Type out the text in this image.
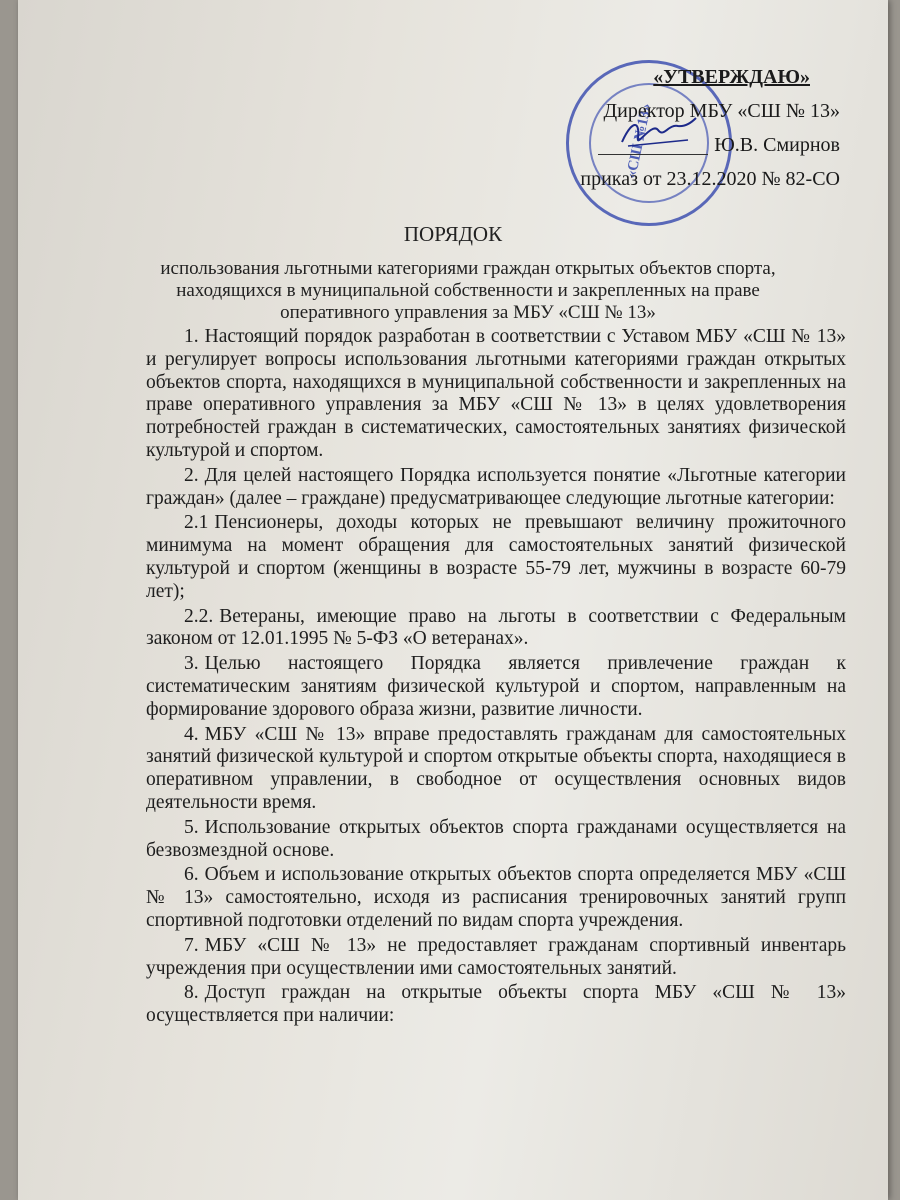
«СШ №13»
«УТВЕРЖДАЮ»
Директор МБУ «СШ № 13»
Ю.В. Смирнов
приказ от 23.12.2020 № 82-СО
ПОРЯДОК
использования льготными категориями граждан открытых объектов спорта, находящихся в муниципальной собственности и закрепленных на праве оперативного управления за МБУ «СШ № 13»

1. Настоящий порядок разработан в соответствии с Уставом МБУ «СШ № 13» и регулирует вопросы использования льготными категориями граждан открытых объектов спорта, находящихся в муниципальной собственности и закрепленных на праве оперативного управления за МБУ «СШ № 13» в целях удовлетворения потребностей граждан в систематических, самостоятельных занятиях физической культурой и спортом.

2. Для целей настоящего Порядка используется понятие «Льготные категории граждан» (далее – граждане) предусматривающее следующие льготные категории:

2.1 Пенсионеры, доходы которых не превышают величину прожиточного минимума на момент обращения для самостоятельных занятий физической культурой и спортом (женщины в возрасте 55-79 лет, мужчины в возрасте 60-79 лет);

2.2. Ветераны, имеющие право на льготы в соответствии с Федеральным законом от 12.01.1995 № 5-ФЗ «О ветеранах».

3. Целью настоящего Порядка является привлечение граждан к систематическим занятиям физической культурой и спортом, направленным на формирование здорового образа жизни, развитие личности.

4. МБУ «СШ № 13» вправе предоставлять гражданам для самостоятельных занятий физической культурой и спортом открытые объекты спорта, находящиеся в оперативном управлении, в свободное от осуществления основных видов деятельности время.

5. Использование открытых объектов спорта гражданами осуществляется на безвозмездной основе.

6. Объем и использование открытых объектов спорта определяется МБУ «СШ № 13» самостоятельно, исходя из расписания тренировочных занятий групп спортивной подготовки отделений по видам спорта учреждения.

7. МБУ «СШ № 13» не предоставляет гражданам спортивный инвентарь учреждения при осуществлении ими самостоятельных занятий.

8. Доступ граждан на открытые объекты спорта МБУ «СШ № 13» осуществляется при наличии:
